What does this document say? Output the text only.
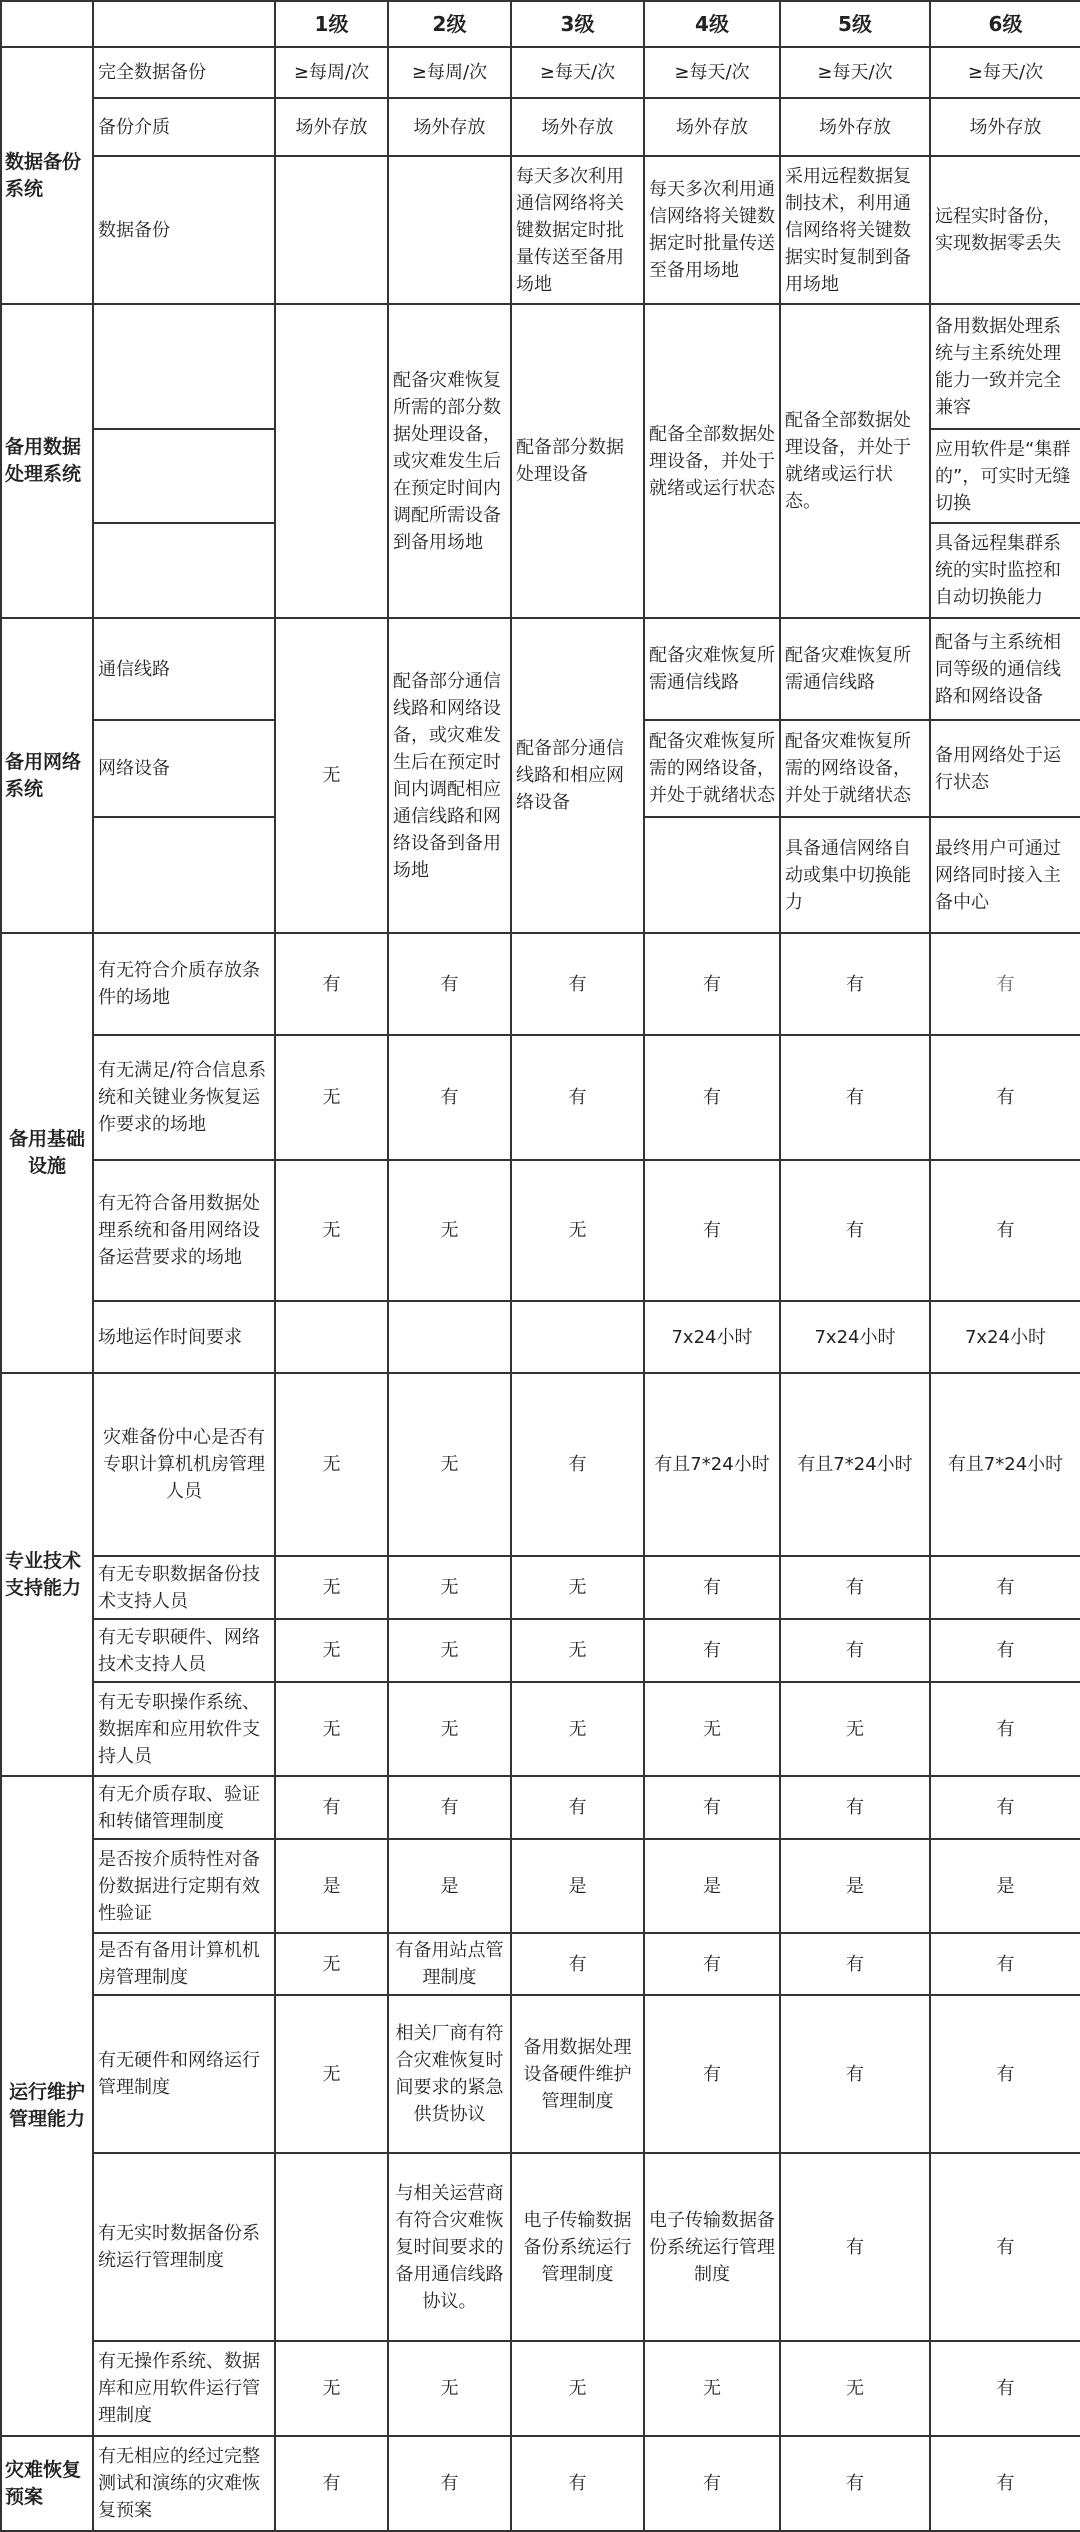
		1级	2级	3级	4级	5级	6级
数据备份系统	完全数据备份	≥每周/次	≥每周/次	≥每天/次	≥每天/次	≥每天/次	≥每天/次
	备份介质	场外存放	场外存放	场外存放	场外存放	场外存放	场外存放
	数据备份			每天多次利用通信网络将关键数据定时批量传送至备用场地	每天多次利用通信网络将关键数据定时批量传送至备用场地	采用远程数据复制技术，利用通信网络将关键数据实时复制到备用场地	远程实时备份，实现数据零丢失
备用数据处理系统			配备灾难恢复所需的部分数据处理设备，或灾难发生后在预定时间内调配所需设备到备用场地	配备部分数据处理设备	配备全部数据处理设备，并处于就绪或运行状态	配备全部数据处理设备，并处于就绪或运行状态。	备用数据处理系统与主系统处理能力一致并完全兼容
							应用软件是“集群的”，可实时无缝切换
							具备远程集群系统的实时监控和自动切换能力
备用网络系统	通信线路	无	配备部分通信线路和网络设备，或灾难发生后在预定时间内调配相应通信线路和网络设备到备用场地	配备部分通信线路和相应网络设备	配备灾难恢复所需通信线路	配备灾难恢复所需通信线路	配备与主系统相同等级的通信线路和网络设备
	网络设备				配备灾难恢复所需的网络设备，并处于就绪状态	配备灾难恢复所需的网络设备，并处于就绪状态	备用网络处于运行状态
						具备通信网络自动或集中切换能力	最终用户可通过网络同时接入主备中心
备用基础设施	有无符合介质存放条件的场地	有	有	有	有	有	有
	有无满足/符合信息系统和关键业务恢复运作要求的场地	无	有	有	有	有	有
	有无符合备用数据处理系统和备用网络设备运营要求的场地	无	无	无	有	有	有
	场地运作时间要求				7x24小时	7x24小时	7x24小时
专业技术支持能力	灾难备份中心是否有专职计算机机房管理人员	无	无	有	有且7*24小时	有且7*24小时	有且7*24小时
	有无专职数据备份技术支持人员	无	无	无	有	有	有
	有无专职硬件、网络技术支持人员	无	无	无	有	有	有
	有无专职操作系统、数据库和应用软件支持人员	无	无	无	无	无	有
运行维护管理能力	有无介质存取、验证和转储管理制度	有	有	有	有	有	有
	是否按介质特性对备份数据进行定期有效性验证	是	是	是	是	是	是
	是否有备用计算机机房管理制度	无	有备用站点管理制度	有	有	有	有
	有无硬件和网络运行管理制度	无	相关厂商有符合灾难恢复时间要求的紧急供货协议	备用数据处理设备硬件维护管理制度	有	有	有
	有无实时数据备份系统运行管理制度		与相关运营商有符合灾难恢复时间要求的备用通信线路协议。	电子传输数据备份系统运行管理制度	电子传输数据备份系统运行管理制度	有	有
	有无操作系统、数据库和应用软件运行管理制度	无	无	无	无	无	有
灾难恢复预案	有无相应的经过完整测试和演练的灾难恢复预案	有	有	有	有	有	有
